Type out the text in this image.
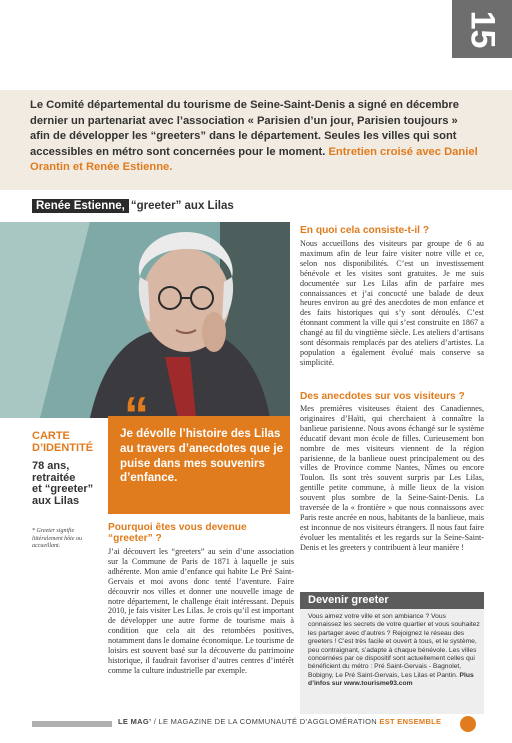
15

Le Comité départemental du tourisme de Seine-Saint-Denis a signé en décembre dernier un partenariat avec l’association « Parisien d’un jour, Parisien toujours » afin de développer les “greeters” dans le département. Seules les villes qui sont accessibles en métro sont concernées pour le moment. Entretien croisé avec Daniel Orantin et Renée Estienne.

Renée Estienne, “greeter” aux Lilas
CARTE
D’IDENTITÉ
78 ans,
retraitée
et “greeter”
aux Lilas
* Greeter signifie littéralement hôte ou accueillant.

Je dévolle l’histoire des Lilas au travers d’anecdotes que je puise dans mes souvenirs d’enfance.

“
Pourquoi êtes vous devenue “greeter” ?
J’ai découvert les “greeters” au sein d’une association sur la Commune de Paris de 1871 à laquelle je suis adhérente. Mon amie d’enfance qui habite Le Pré Saint-Gervais et moi avons donc tenté l’aventure. Faire découvrir nos villes et donner une nouvelle image de notre département, le challenge était intéressant. Depuis 2010, je fais visiter Les Lilas. Je crois qu’il est important de développer une autre forme de tourisme mais à condition que cela ait des retombées positives, notamment dans le domaine économique. Le tourisme de loisirs est souvent basé sur la découverte du patrimoine historique, il faudrait favoriser d’autres centres d’intérêt comme la culture industrielle par exemple.
En quoi cela consiste-t-il ?
Nous accueillons des visiteurs par groupe de 6 au maximum afin de leur faire visiter notre ville et ce, selon nos disponibilités. C’est un investissement bénévole et les visites sont gratuites. Je me suis documentée sur Les Lilas afin de parfaire mes connaissances et j’ai concocté une balade de deux heures environ au gré des anecdotes de mon enfance et des faits historiques qui s’y sont déroulés. C’est étonnant comment la ville qui s’est construite en 1867 a changé au fil du vingtième siècle. Les ateliers d’artisans sont désormais remplacés par des ateliers d’artistes. La population a également évolué mais conserve sa simplicité.
Des anecdotes sur vos visiteurs ?
Mes premières visiteuses étaient des Canadiennes, originaires d’Haïti, qui cherchaient à connaître la banlieue parisienne. Nous avons échangé sur le système éducatif devant mon école de filles. Curieusement bon nombre de mes visiteurs viennent de la région parisienne, de la banlieue ouest principalement ou des villes de Province comme Nantes, Nîmes ou encore Toulon. Ils sont très souvent surpris par Les Lilas, gentille petite commune, à mille lieux de la vision souvent plus sombre de la Seine-Saint-Denis. La traversée de la « frontière » que nous connaissons avec Paris reste ancrée en nous, habitants de la banlieue, mais est inconnue de nos visiteurs étrangers. Il nous faut faire évoluer les mentalités et les regards sur la Seine-Saint-Denis et les greeters y contribuent à leur manière !
Devenir greeter
Vous aimez votre ville et son ambiance ? Vous connaissez les secrets de votre quartier et vous souhaitez les partager avec d’autres ? Rejoignez le réseau des greeters ! C’est très facile et ouvert à tous, et le système, peu contraignant, s’adapte à chaque bénévole. Les villes concernées par ce dispositif sont actuellement celles qui bénéficient du métro : Pré Saint-Gervais - Bagnolet, Bobigny, Le Pré Saint-Gervais, Les Lilas et Pantin. Plus d’infos sur www.tourisme93.com
LE MAG’ / LE MAGAZINE DE LA COMMUNAUTÉ D’AGGLOMÉRATION EST ENSEMBLE
